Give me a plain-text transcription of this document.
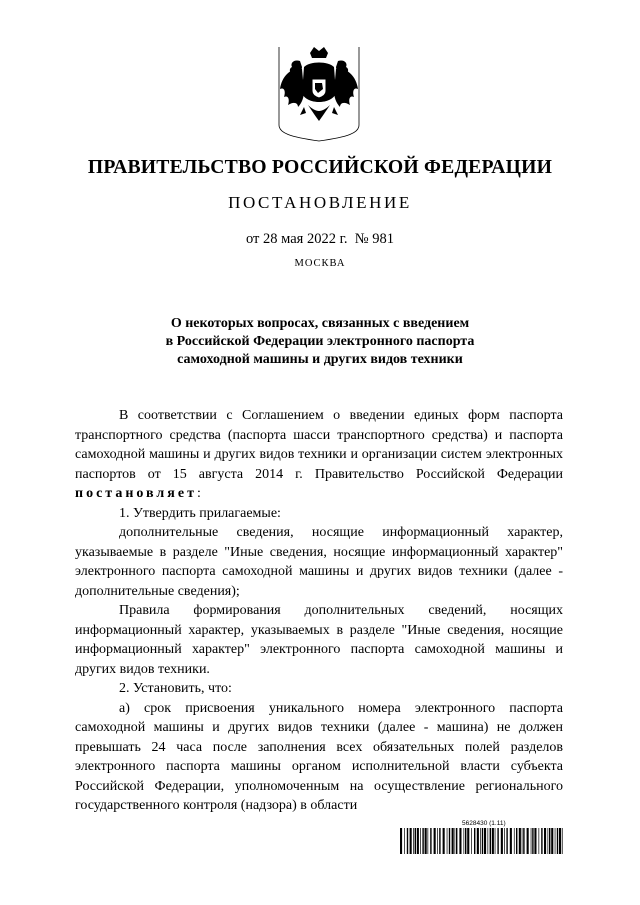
ПРАВИТЕЛЬСТВО РОССИЙСКОЙ ФЕДЕРАЦИИ
ПОСТАНОВЛЕНИЕ
от 28 мая 2022 г.  № 981
МОСКВА
О некоторых вопросах, связанных с введением
в Российской Федерации электронного паспорта
самоходной машины и других видов техники

В соответствии с Соглашением о введении единых форм паспорта транспортного средства (паспорта шасси транспортного средства) и паспорта самоходной машины и других видов техники и организации систем электронных паспортов от 15 августа 2014 г. Правительство Российской Федерации постановляет:

1. Утвердить прилагаемые:

дополнительные сведения, носящие информационный характер, указываемые в разделе "Иные сведения, носящие информационный характер" электронного паспорта самоходной машины и других видов техники (далее - дополнительные сведения);

Правила формирования дополнительных сведений, носящих информационный характер, указываемых в разделе "Иные сведения, носящие информационный характер" электронного паспорта самоходной машины и других видов техники.

2. Установить, что:

а) срок присвоения уникального номера электронного паспорта самоходной машины и других видов техники (далее - машина) не должен превышать 24 часа после заполнения всех обязательных полей разделов электронного паспорта машины органом исполнительной власти субъекта Российской Федерации, уполномоченным на осуществление регионального государственного контроля (надзора) в области

5628430 (1.11)
